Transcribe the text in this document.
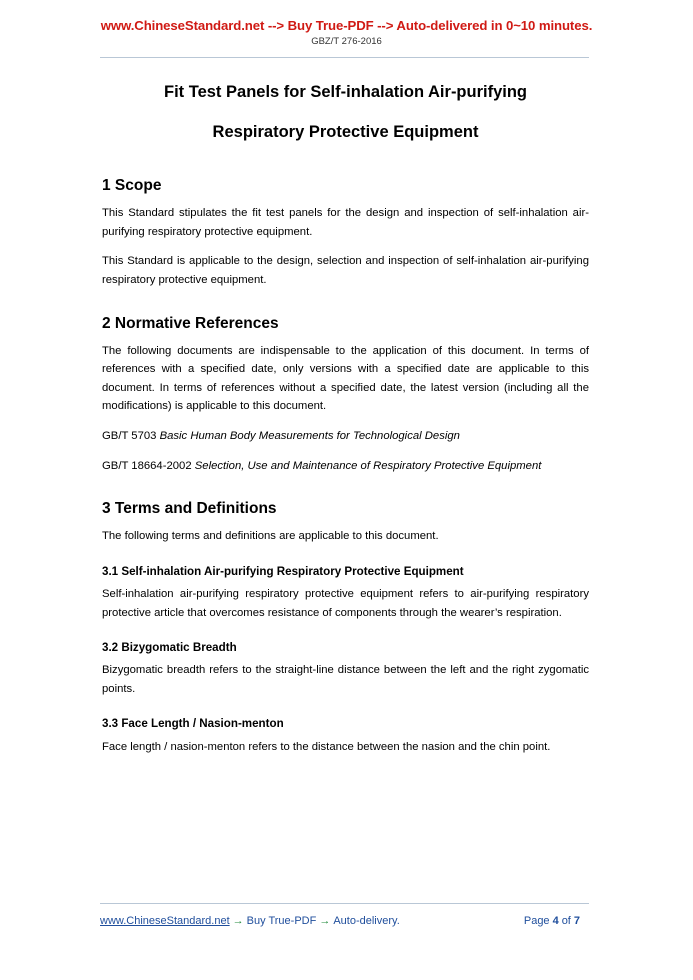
www.ChineseStandard.net --> Buy True-PDF --> Auto-delivered in 0~10 minutes.
GBZ/T 276-2016
Fit Test Panels for Self-inhalation Air-purifying
Respiratory Protective Equipment
1 Scope

This Standard stipulates the fit test panels for the design and inspection of self-inhalation air-purifying respiratory protective equipment.

This Standard is applicable to the design, selection and inspection of self-inhalation air-purifying respiratory protective equipment.

2 Normative References

The following documents are indispensable to the application of this document. In terms of references with a specified date, only versions with a specified date are applicable to this document. In terms of references without a specified date, the latest version (including all the modifications) is applicable to this document.

GB/T 5703 Basic Human Body Measurements for Technological Design

GB/T 18664-2002 Selection, Use and Maintenance of Respiratory Protective Equipment

3 Terms and Definitions

The following terms and definitions are applicable to this document.

3.1 Self-inhalation Air-purifying Respiratory Protective Equipment

Self-inhalation air-purifying respiratory protective equipment refers to air-purifying respiratory protective article that overcomes resistance of components through the wearer’s respiration.

3.2 Bizygomatic Breadth

Bizygomatic breadth refers to the straight-line distance between the left and the right zygomatic points.

3.3 Face Length / Nasion-menton

Face length / nasion-menton refers to the distance between the nasion and the chin point.

www.ChineseStandard.net → Buy True-PDF → Auto-delivery.	Page 4 of 7
